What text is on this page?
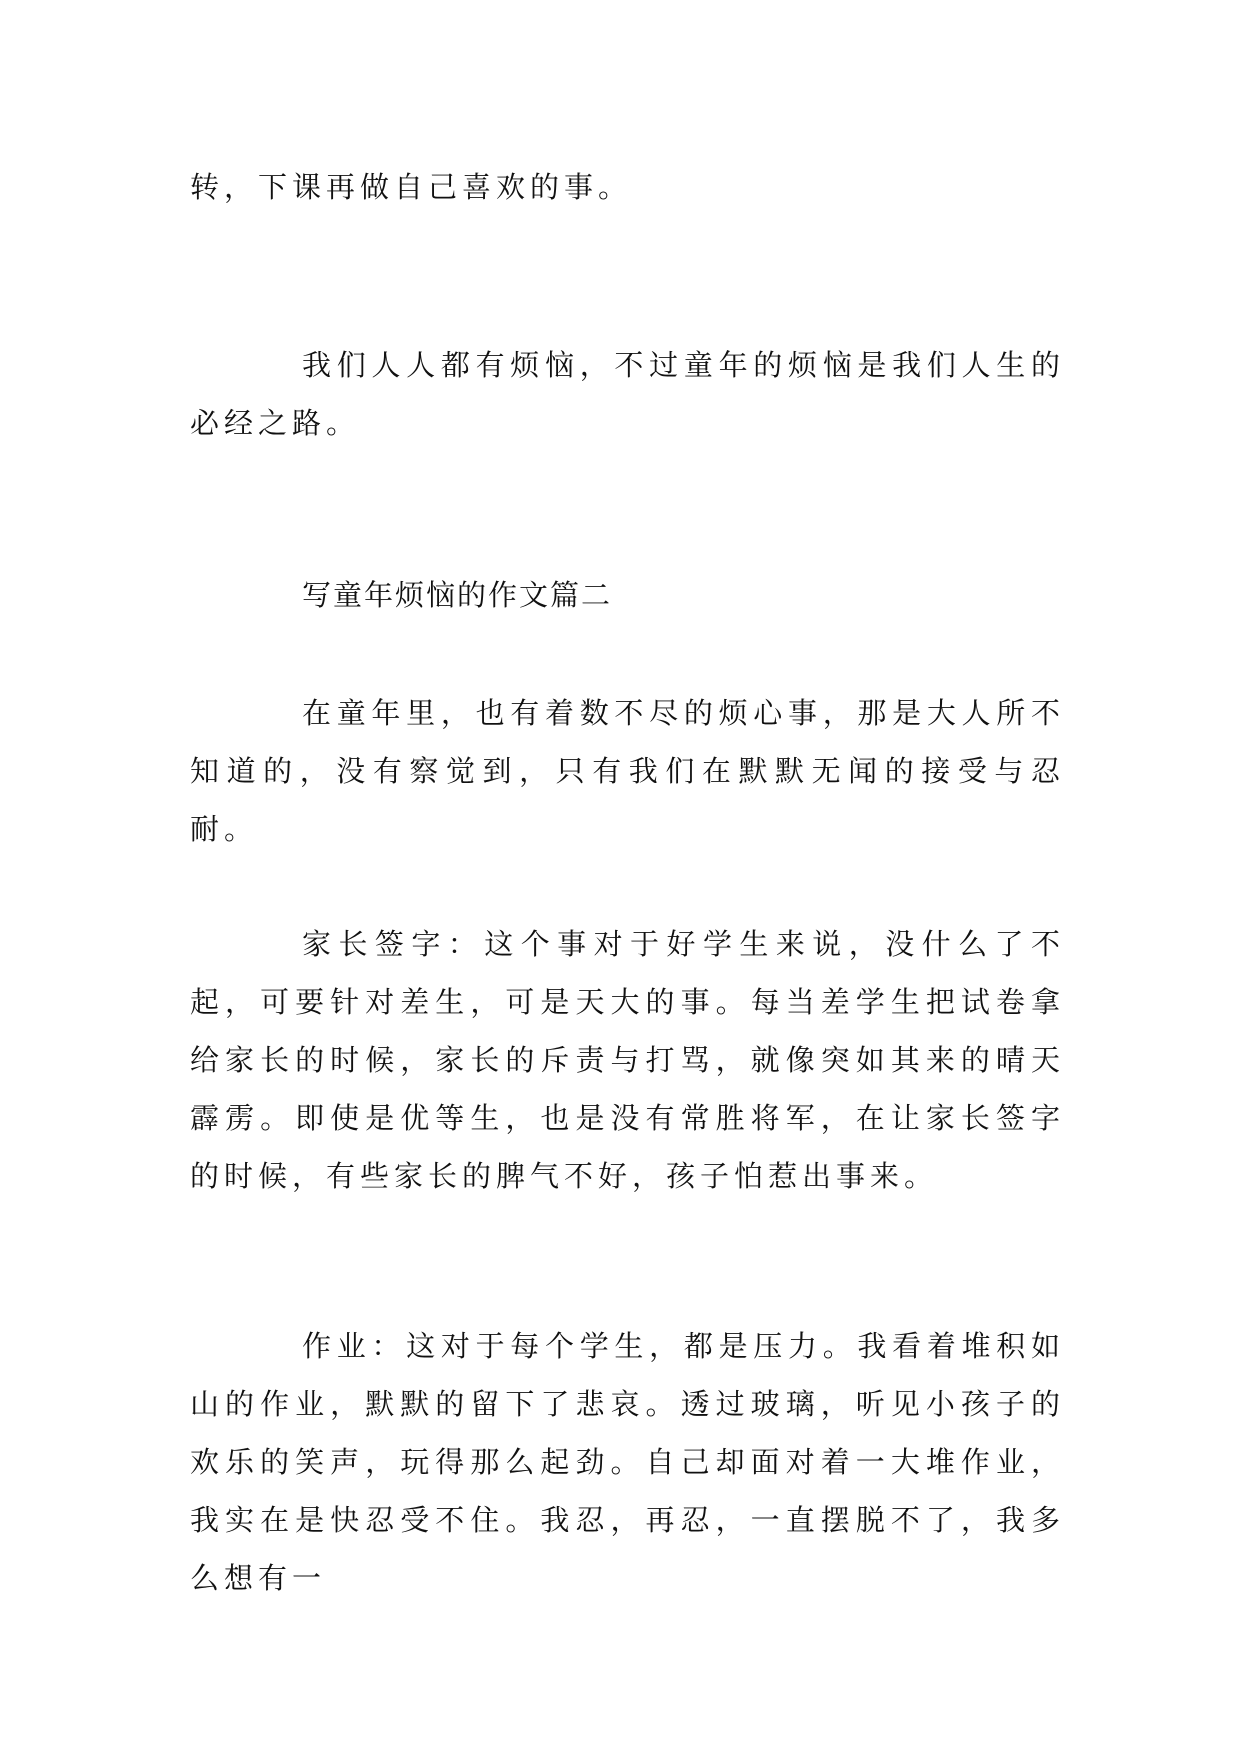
转，下课再做自己喜欢的事。

我们人人都有烦恼，不过童年的烦恼是我们人生的必经之路。

写童年烦恼的作文篇二

在童年里，也有着数不尽的烦心事，那是大人所不知道的，没有察觉到，只有我们在默默无闻的接受与忍耐。

家长签字：这个事对于好学生来说，没什么了不起，可要针对差生，可是天大的事。每当差学生把试卷拿给家长的时候，家长的斥责与打骂，就像突如其来的晴天霹雳。即使是优等生，也是没有常胜将军，在让家长签字的时候，有些家长的脾气不好，孩子怕惹出事来。

作业：这对于每个学生，都是压力。我看着堆积如山的作业，默默的留下了悲哀。透过玻璃，听见小孩子的欢乐的笑声，玩得那么起劲。自己却面对着一大堆作业，我实在是快忍受不住。我忍，再忍，一直摆脱不了，我多么想有一
